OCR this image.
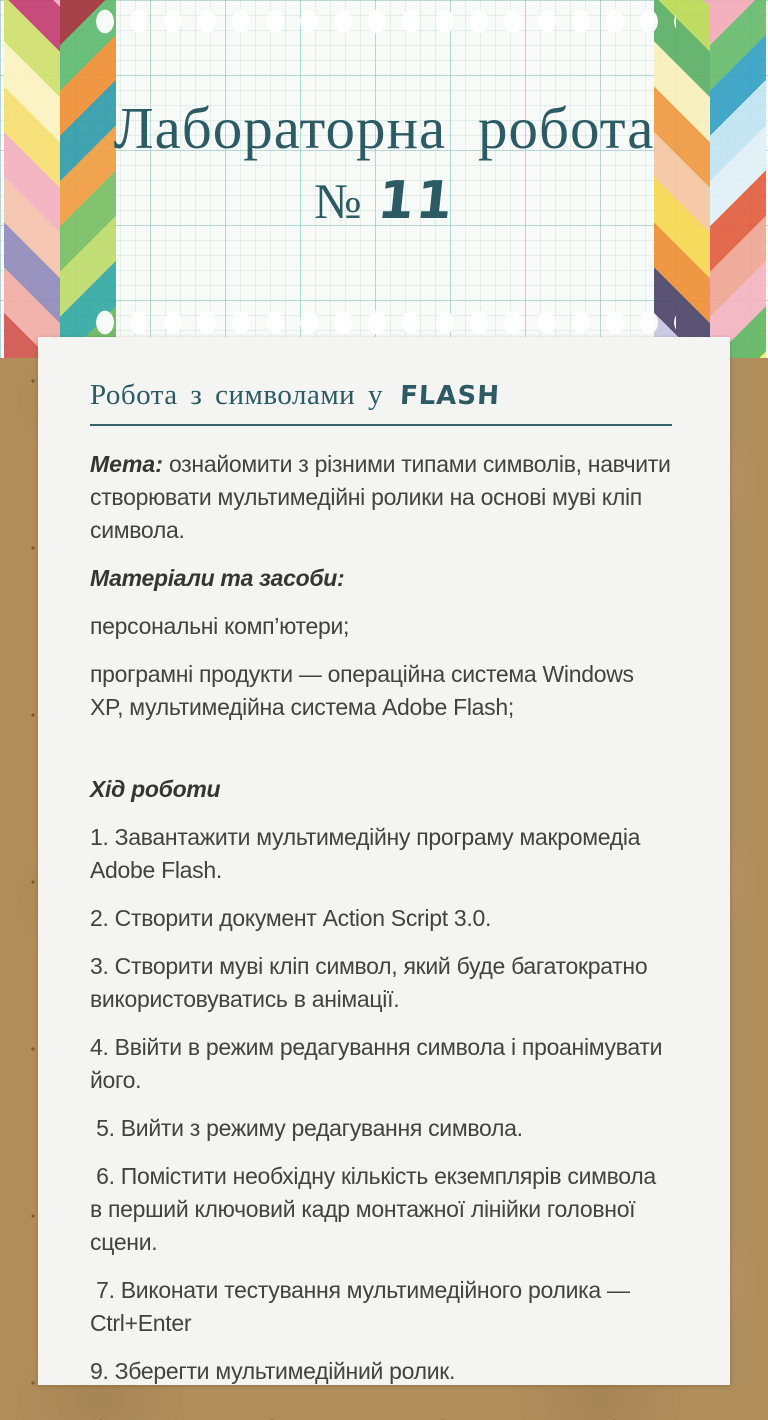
Лабораторна робота
№ 11
Робота з символами у FLASH

Мета: ознайомити з різними типами символів, навчити створювати мультимедійні ролики на основі муві кліп символа.

Матеріали та засоби:

персональні комп’ютери;

програмні продукти — операційна система Windows XP, мультимедійна система Adobe Flash;

Хід роботи

1. Завантажити мультимедійну програму макромедіа Adobe Flash.

2. Створити документ Action Script 3.0.

3. Створити муві кліп символ, який буде багатократно використовуватись в анімації.

4. Ввійти в режим редагування символа і проанімувати його.

5. Вийти з режиму редагування символа.

6. Помістити необхідну кількість екземплярів символа в перший ключовий кадр монтажної лінійки головної сцени.

7. Виконати тестування мультимедійного ролика — Ctrl+Enter

9. Зберегти мультимедійний ролик.
